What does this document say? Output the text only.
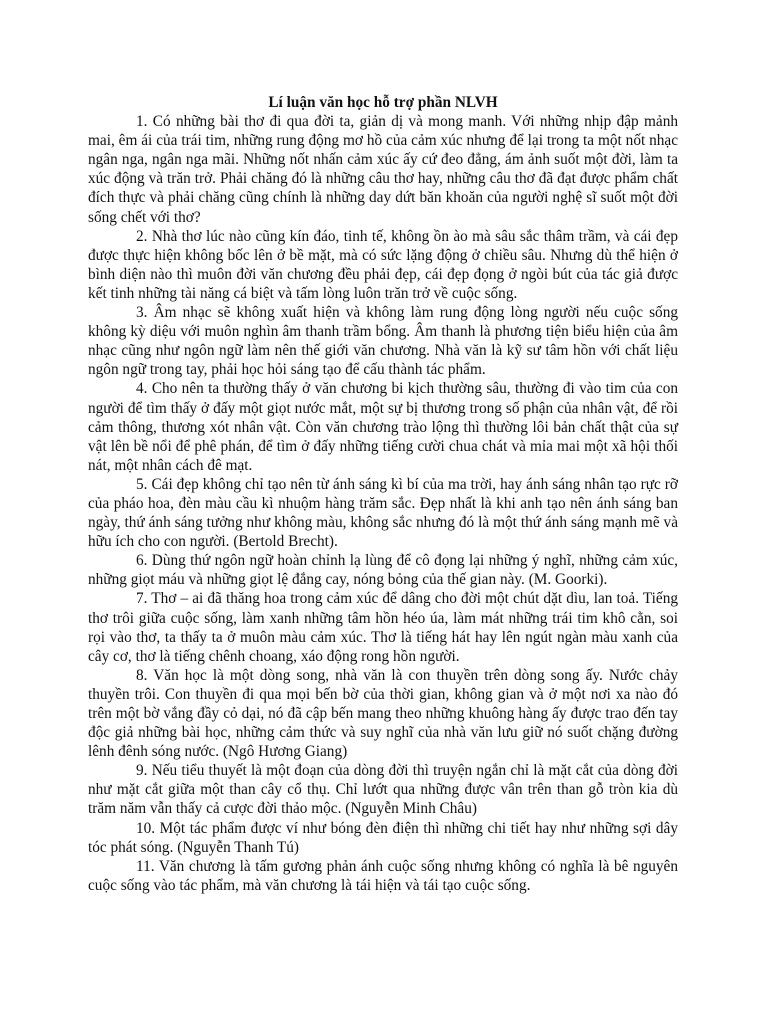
Lí luận văn học hỗ trợ phần NLVH

1. Có những bài thơ đi qua đời ta, giản dị và mong manh. Với những nhịp đập mảnh mai, êm ái của trái tim, những rung động mơ hồ của cảm xúc nhưng để lại trong ta một nốt nhạc ngân nga, ngân nga mãi. Những nốt nhấn cảm xúc ấy cứ đeo đẳng, ám ảnh suốt một đời, làm ta xúc động và trăn trở. Phải chăng đó là những câu thơ hay, những câu thơ đã đạt được phẩm chất đích thực và phải chăng cũng chính là những day dứt băn khoăn của người nghệ sĩ suốt một đời sống chết với thơ?

2. Nhà thơ lúc nào cũng kín đáo, tinh tế, không ồn ào mà sâu sắc thâm trầm, và cái đẹp được thực hiện không bốc lên ở bề mặt, mà có sức lặng động ở chiều sâu. Nhưng dù thể hiện ở bình diện nào thì muôn đời văn chương đều phải đẹp, cái đẹp đọng ở ngòi bút của tác giả được kết tinh những tài năng cá biệt và tấm lòng luôn trăn trở về cuộc sống.

3. Âm nhạc sẽ không xuất hiện và không làm rung động lòng người nếu cuộc sống không kỳ diệu với muôn nghìn âm thanh trầm bổng. Âm thanh là phương tiện biểu hiện của âm nhạc cũng như ngôn ngữ làm nên thế giới văn chương. Nhà văn là kỹ sư tâm hồn với chất liệu ngôn ngữ trong tay, phải học hỏi sáng tạo để cấu thành tác phẩm.

4. Cho nên ta thường thấy ở văn chương bi kịch thường sâu, thường đi vào tim của con người để tìm thấy ở đấy một giọt nước mắt, một sự bị thương trong số phận của nhân vật, để rồi cảm thông, thương xót nhân vật. Còn văn chương trào lộng thì thường lôi bản chất thật của sự vật lên bề nổi để phê phán, để tìm ở đấy những tiếng cười chua chát và mỉa mai một xã hội thối nát, một nhân cách đê mạt.

5. Cái đẹp không chỉ tạo nên từ ánh sáng kì bí của ma trời, hay ánh sáng nhân tạo rực rỡ của pháo hoa, đèn màu cầu kì nhuộm hàng trăm sắc. Đẹp nhất là khi anh tạo nên ánh sáng ban ngày, thứ ánh sáng tưởng như không màu, không sắc nhưng đó là một thứ ánh sáng mạnh mẽ và hữu ích cho con người. (Bertold Brecht).

6. Dùng thứ ngôn ngữ hoàn chỉnh lạ lùng để cô đọng lại những ý nghĩ, những cảm xúc, những giọt máu và những giọt lệ đắng cay, nóng bỏng của thế gian này. (M. Goorki).

7. Thơ – ai đã thăng hoa trong cảm xúc để dâng cho đời một chút dặt dìu, lan toả. Tiếng thơ trôi giữa cuộc sống, làm xanh những tâm hồn héo úa, làm mát những trái tim khô cằn, soi rọi vào thơ, ta thấy ta ở muôn màu cảm xúc. Thơ là tiếng hát hay lên ngút ngàn màu xanh của cây cơ, thơ là tiếng chênh choang, xáo động rong hồn người.

8. Văn học là một dòng song, nhà văn là con thuyền trên dòng song ấy. Nước chảy thuyền trôi. Con thuyền đi qua mọi bến bờ của thời gian, không gian và ở một nơi xa nào đó trên một bờ vắng đầy cỏ dại, nó đã cập bến mang theo những khuông hàng ấy được trao đến tay độc giả những bài học, những cảm thức và suy nghĩ của nhà văn lưu giữ nó suốt chặng đường lênh đênh sóng nước. (Ngô Hương Giang)

9. Nếu tiểu thuyết là một đoạn của dòng đời thì truyện ngắn chỉ là mặt cắt của dòng đời như mặt cắt giữa một than cây cổ thụ. Chỉ lướt qua những được vân trên than gỗ tròn kia dù trăm năm vẫn thấy cả cược đời thảo mộc. (Nguyễn Minh Châu)

10. Một tác phẩm được ví như bóng đèn điện thì những chi tiết hay như những sợi dây tóc phát sóng. (Nguyễn Thanh Tú)

11. Văn chương là tấm gương phản ánh cuộc sống nhưng không có nghĩa là bê nguyên cuộc sống vào tác phẩm, mà văn chương là tái hiện và tái tạo cuộc sống.
